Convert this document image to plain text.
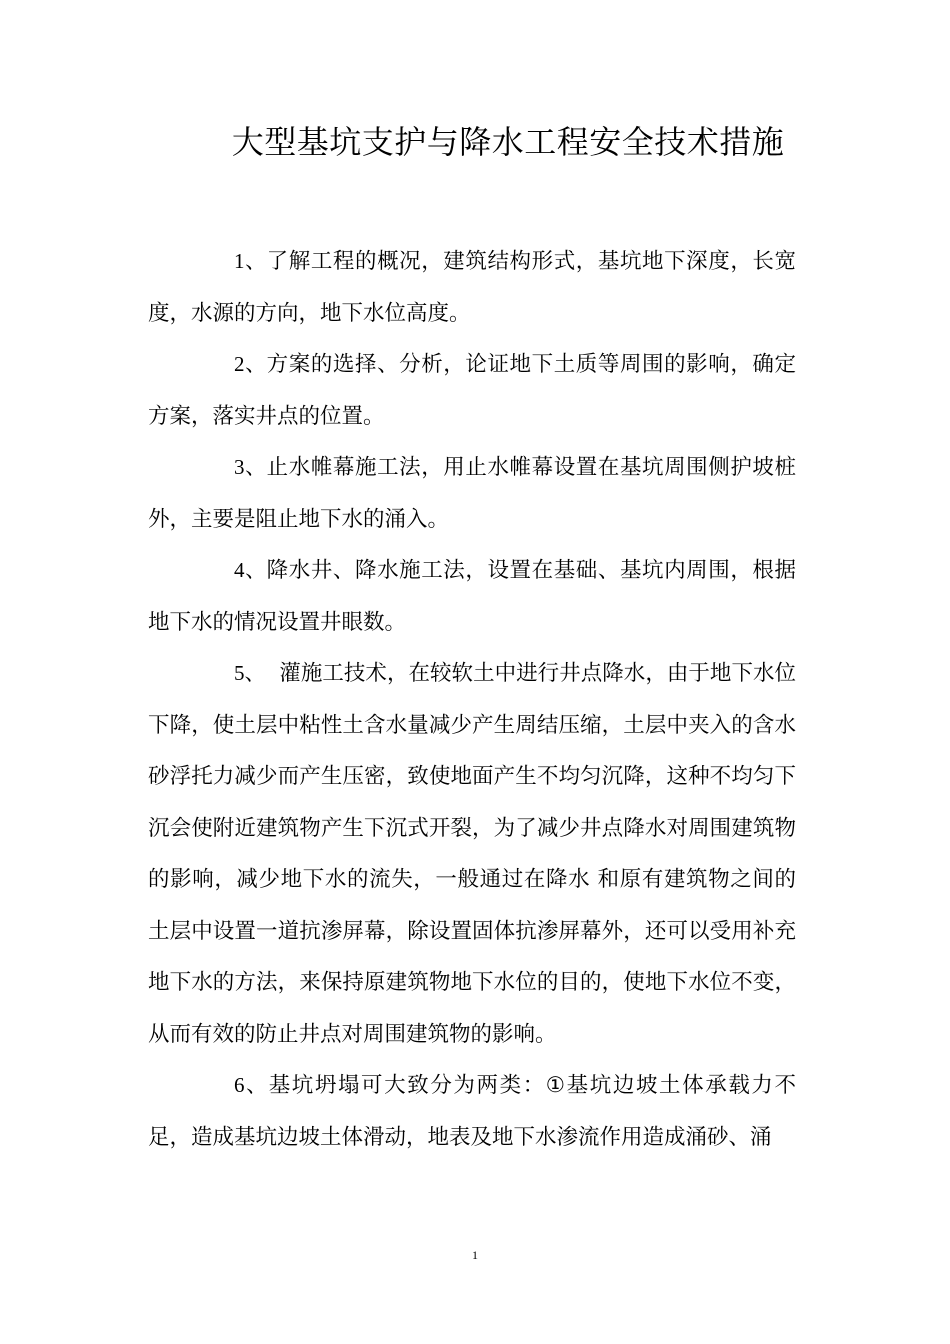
大型基坑支护与降水工程安全技术措施

1、了解工程的概况，建筑结构形式，基坑地下深度，长宽度，水源的方向，地下水位高度。

2、方案的选择、分析，论证地下土质等周围的影响，确定方案，落实井点的位置。

3、止水帷幕施工法，用止水帷幕设置在基坑周围侧护坡桩外，主要是阻止地下水的涌入。

4、降水井、降水施工法，设置在基础、基坑内周围，根据地下水的情况设置井眼数。

5、  灌施工技术，在较软土中进行井点降水，由于地下水位下降，使土层中粘性土含水量减少产生周结压缩，土层中夹入的含水砂浮托力减少而产生压密，致使地面产生不均匀沉降，这种不均匀下沉会使附近建筑物产生下沉式开裂，为了减少井点降水对周围建筑物的影响，减少地下水的流失，一般通过在降水 和原有建筑物之间的土层中设置一道抗渗屏幕，除设置固体抗渗屏幕外，还可以受用补充地下水的方法，来保持原建筑物地下水位的目的，使地下水位不变，从而有效的防止井点对周围建筑物的影响。

6、基坑坍塌可大致分为两类：①基坑边坡土体承载力不足，造成基坑边坡土体滑动，地表及地下水渗流作用造成涌砂、涌

1
